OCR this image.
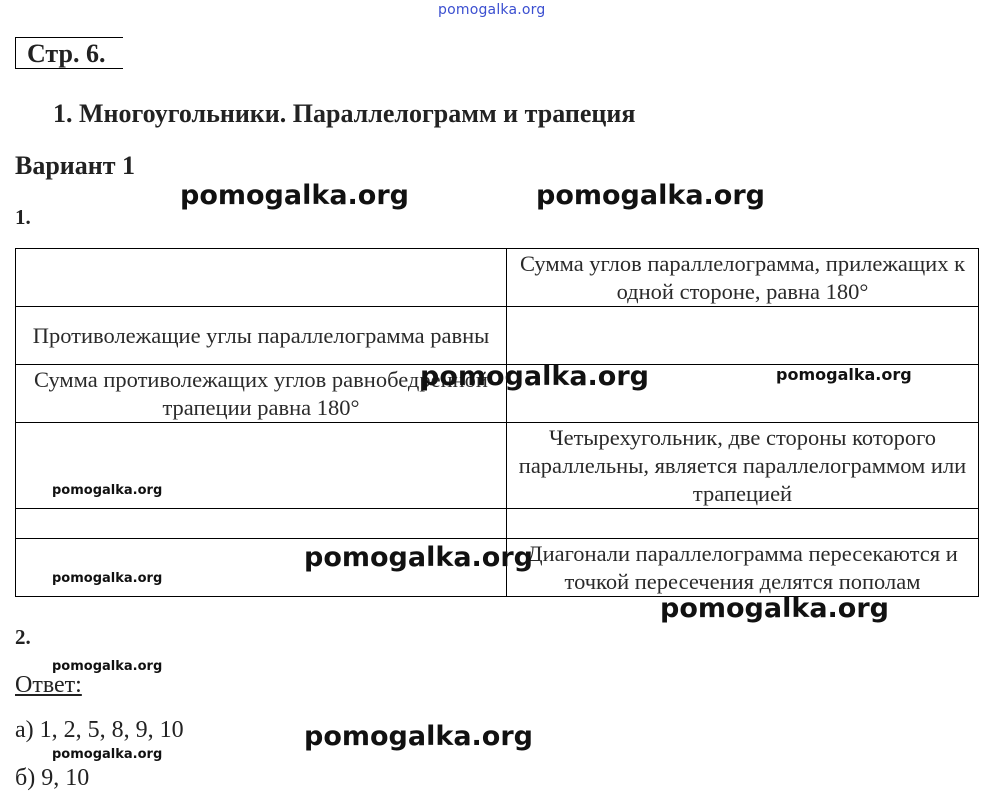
pomogalka.org
Стр. 6.
1. Многоугольники. Параллелограмм и трапеция
Вариант 1
1.
	Сумма углов параллелограмма, прилежащих к одной стороне, равна 180°
Противолежащие углы параллелограмма равны	
Сумма противолежащих углов равнобедренной трапеции равна 180°	
	Четырехугольник, две стороны которого параллельны, является параллелограммом или трапецией

	Диагонали параллелограмма пересекаются и точкой пересечения делятся пополам
2.
Ответ:
а) 1, 2, 5, 8, 9, 10
б) 9, 10
pomogalka.org	pomogalka.org
pomogalka.org	pomogalka.org
pomogalka.org
pomogalka.org
pomogalka.org
pomogalka.org
pomogalka.org
pomogalka.org
pomogalka.org
